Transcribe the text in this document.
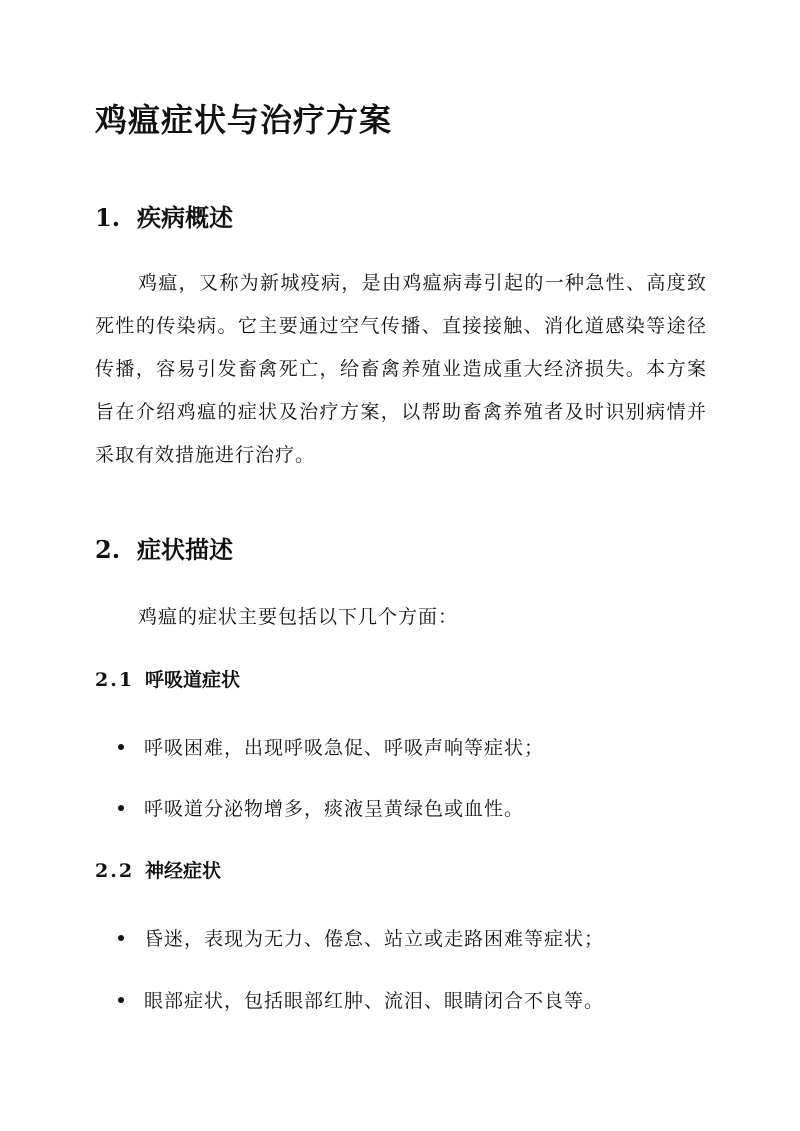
鸡瘟症状与治疗方案
1. 疾病概述
鸡瘟，又称为新城疫病，是由鸡瘟病毒引起的一种急性、高度致死性的传染病。它主要通过空气传播、直接接触、消化道感染等途径传播，容易引发畜禽死亡，给畜禽养殖业造成重大经济损失。本方案旨在介绍鸡瘟的症状及治疗方案，以帮助畜禽养殖者及时识别病情并采取有效措施进行治疗。
2. 症状描述
鸡瘟的症状主要包括以下几个方面：
2.1 呼吸道症状
呼吸困难，出现呼吸急促、呼吸声响等症状；
呼吸道分泌物增多，痰液呈黄绿色或血性。
2.2 神经症状
昏迷，表现为无力、倦怠、站立或走路困难等症状；
眼部症状，包括眼部红肿、流泪、眼睛闭合不良等。
